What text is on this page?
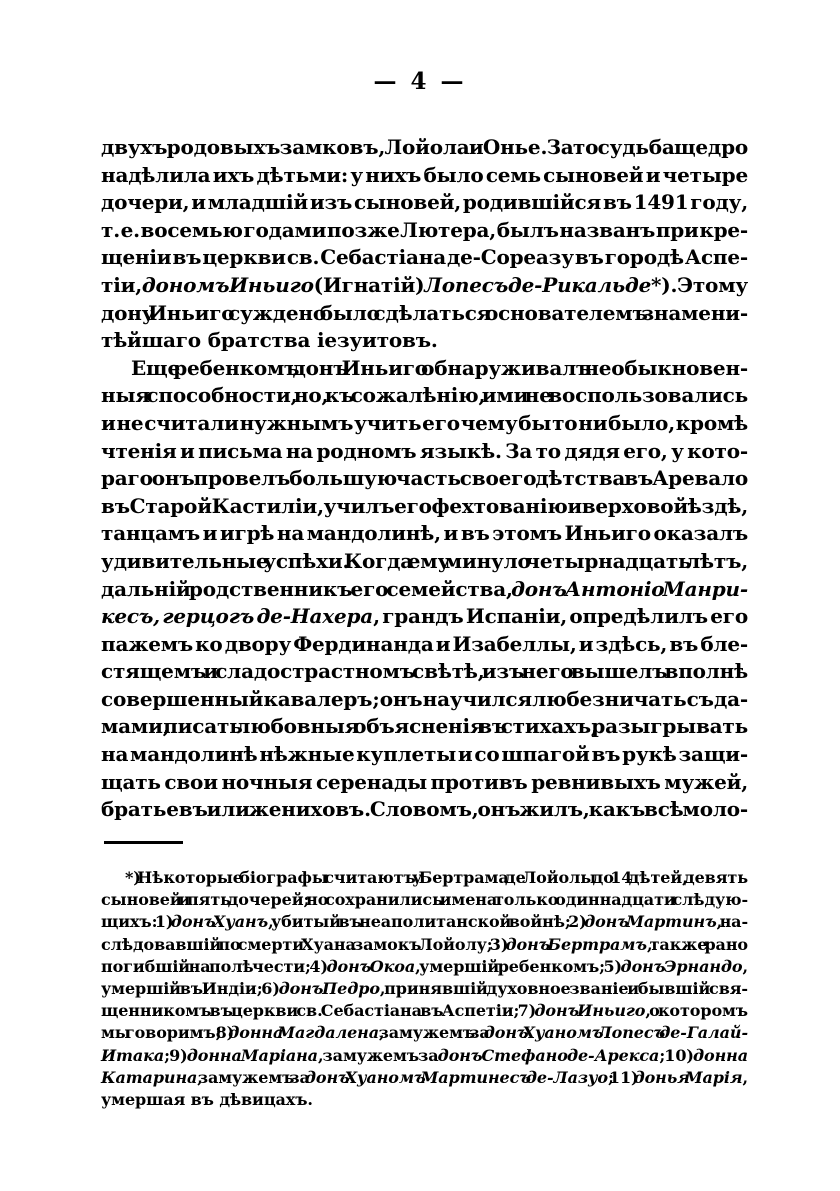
— 4 —
двухъ родовыхъ замковъ, Лойола и Онье. За то судьба щедро
надѣлила ихъ дѣтьми: у нихъ было семь сыновей и четыре
дочери, и младшій изъ сыновей, родившійся въ 1491 году,
т. е. восемью годами позже Лютера, былъ названъ при кре-
щеніи въ церкви св. Себастіана де-Сореазу въ городѣ Аспе-
тіи, дономъ Иньиго (Игнатій) Лопесъ де-Рикальде *). Этому
дону Иньиго суждено было сдѣлаться основателемъ знамени-
тѣйшаго братства іезуитовъ.
Еще ребенкомъ донъ Иньиго обнаруживалъ необыкновен-
ныя способности, но, къ сожалѣнію, ими не воспользовались
и не считали нужнымъ учить его чему бы то ни было, кромѣ
чтенія и письма на родномъ языкѣ. За то дядя его, у кото-
раго онъ провелъ большую часть своего дѣтства въ Аревало
въ Старой Кастиліи, училъ его фехтованію и верховой ѣздѣ,
танцамъ и игрѣ на мандолинѣ, и въ этомъ Иньиго оказалъ
удивительные успѣхи. Когда ему минуло четырнадцать лѣтъ,
дальній родственникъ его семейства, донъ Антоніо Манри-
кесъ, герцогъ де-Нахера, грандъ Испаніи, опредѣлилъ его
пажемъ ко двору Фердинанда и Изабеллы, и здѣсь, въ бле-
стящемъ и сладострастномъ свѣтѣ, изъ него вышелъ вполнѣ
совершенный кавалеръ; онъ научился любезничать съ да-
мами, писать любовныя объясненія въ стихахъ, разыгрывать
на мандолинѣ нѣжные куплеты и со шпагой въ рукѣ защи-
щать свои ночныя серенады противъ ревнивыхъ мужей,
братьевъ или жениховъ. Словомъ, онъ жилъ, какъ всѣ моло-
*) Нѣкоторые біографы считаютъ у Бертрама де Лойолы до 14 дѣтей, девять
сыновей и пять дочерей; но сохранились имена только одиннадцати слѣдую-
щихъ: 1) донъ Хуанъ, убитый въ неаполитанской войнѣ; 2) донъ Мартинъ, на-
слѣдовавшій по смерти Хуана замокъ Лойолу; 3) донъ Бертрамъ, также рано
погибшій на полѣ чести; 4) донъ Окоа, умершій ребенкомъ; 5) донъ Эрнандо,
умершій въ Индіи; 6) донъ Педро, принявшій духовное званіе и бывшій свя-
щенникомъ въ церкви св. Себастіана въ Аспетіи; 7) донъ Иньиго, о которомъ
мы говоримъ; 8) донна Магдалена, замужемъ за донъ Хуаномъ Лопесъ де-Галай-
Итака; 9) донна Маріана, замужемъ за донъ Стефано де-Арекса; 10) донна
Катарина, замужемъ за донъ Хуаномъ Мартинесъ де-Лазуо; 11) донья Марія,
умершая въ дѣвицахъ.
